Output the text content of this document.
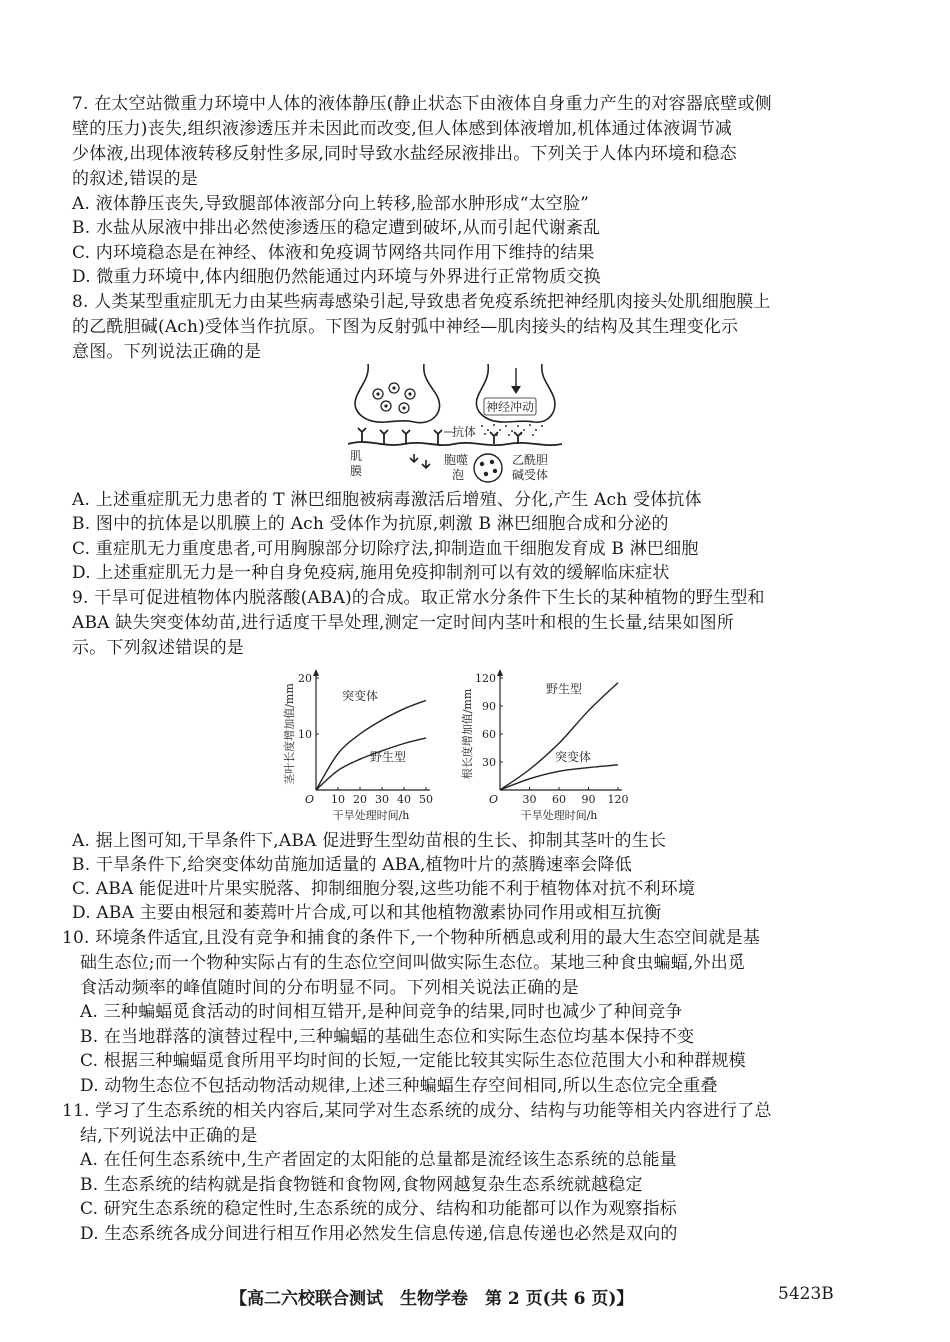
7. 在太空站微重力环境中人体的液体静压(静止状态下由液体自身重力产生的对容器底壁或侧
壁的压力)丧失,组织液渗透压并未因此而改变,但人体感到体液增加,机体通过体液调节减
少体液,出现体液转移反射性多尿,同时导致水盐经尿液排出。下列关于人体内环境和稳态
的叙述,错误的是
A. 液体静压丧失,导致腿部体液部分向上转移,脸部水肿形成“太空脸”
B. 水盐从尿液中排出必然使渗透压的稳定遭到破坏,从而引起代谢紊乱
C. 内环境稳态是在神经、体液和免疫调节网络共同作用下维持的结果
D. 微重力环境中,体内细胞仍然能通过内环境与外界进行正常物质交换
8. 人类某型重症肌无力由某些病毒感染引起,导致患者免疫系统把神经肌肉接头处肌细胞膜上
的乙酰胆碱(Ach)受体当作抗原。下图为反射弧中神经—肌肉接头的结构及其生理变化示
意图。下列说法正确的是
神经冲动
抗体
肌
膜
胞噬
泡
乙酰胆
碱受体
A. 上述重症肌无力患者的 T 淋巴细胞被病毒激活后增殖、分化,产生 Ach 受体抗体
B. 图中的抗体是以肌膜上的 Ach 受体作为抗原,刺激 B 淋巴细胞合成和分泌的
C. 重症肌无力重度患者,可用胸腺部分切除疗法,抑制造血干细胞发育成 B 淋巴细胞
D. 上述重症肌无力是一种自身免疫病,施用免疫抑制剂可以有效的缓解临床症状
9. 干旱可促进植物体内脱落酸(ABA)的合成。取正常水分条件下生长的某种植物的野生型和
ABA 缺失突变体幼苗,进行适度干旱处理,测定一定时间内茎叶和根的生长量,结果如图所
示。下列叙述错误的是
O 10 20 30 40 50
10
20
干旱处理时间/h
茎叶长度增加值/mm	突变体
野生型
O 30 60 90 120
30
60
90
120
干旱处理时间/h
根长度增加值/mm	野生型
突变体
A. 据上图可知,干旱条件下,ABA 促进野生型幼苗根的生长、抑制其茎叶的生长
B. 干旱条件下,给突变体幼苗施加适量的 ABA,植物叶片的蒸腾速率会降低
C. ABA 能促进叶片果实脱落、抑制细胞分裂,这些功能不利于植物体对抗不利环境
D. ABA 主要由根冠和萎蔫叶片合成,可以和其他植物激素协同作用或相互抗衡
10. 环境条件适宜,且没有竞争和捕食的条件下,一个物种所栖息或利用的最大生态空间就是基
础生态位;而一个物种实际占有的生态位空间叫做实际生态位。某地三种食虫蝙蝠,外出觅
食活动频率的峰值随时间的分布明显不同。下列相关说法正确的是
A. 三种蝙蝠觅食活动的时间相互错开,是种间竞争的结果,同时也减少了种间竞争
B. 在当地群落的演替过程中,三种蝙蝠的基础生态位和实际生态位均基本保持不变
C. 根据三种蝙蝠觅食所用平均时间的长短,一定能比较其实际生态位范围大小和种群规模
D. 动物生态位不包括动物活动规律,上述三种蝙蝠生存空间相同,所以生态位完全重叠
11. 学习了生态系统的相关内容后,某同学对生态系统的成分、结构与功能等相关内容进行了总
结,下列说法中正确的是
A. 在任何生态系统中,生产者固定的太阳能的总量都是流经该生态系统的总能量
B. 生态系统的结构就是指食物链和食物网,食物网越复杂生态系统就越稳定
C. 研究生态系统的稳定性时,生态系统的成分、结构和功能都可以作为观察指标
D. 生态系统各成分间进行相互作用必然发生信息传递,信息传递也必然是双向的
【高二六校联合测试　生物学卷　第 2 页(共 6 页)】	5423B
